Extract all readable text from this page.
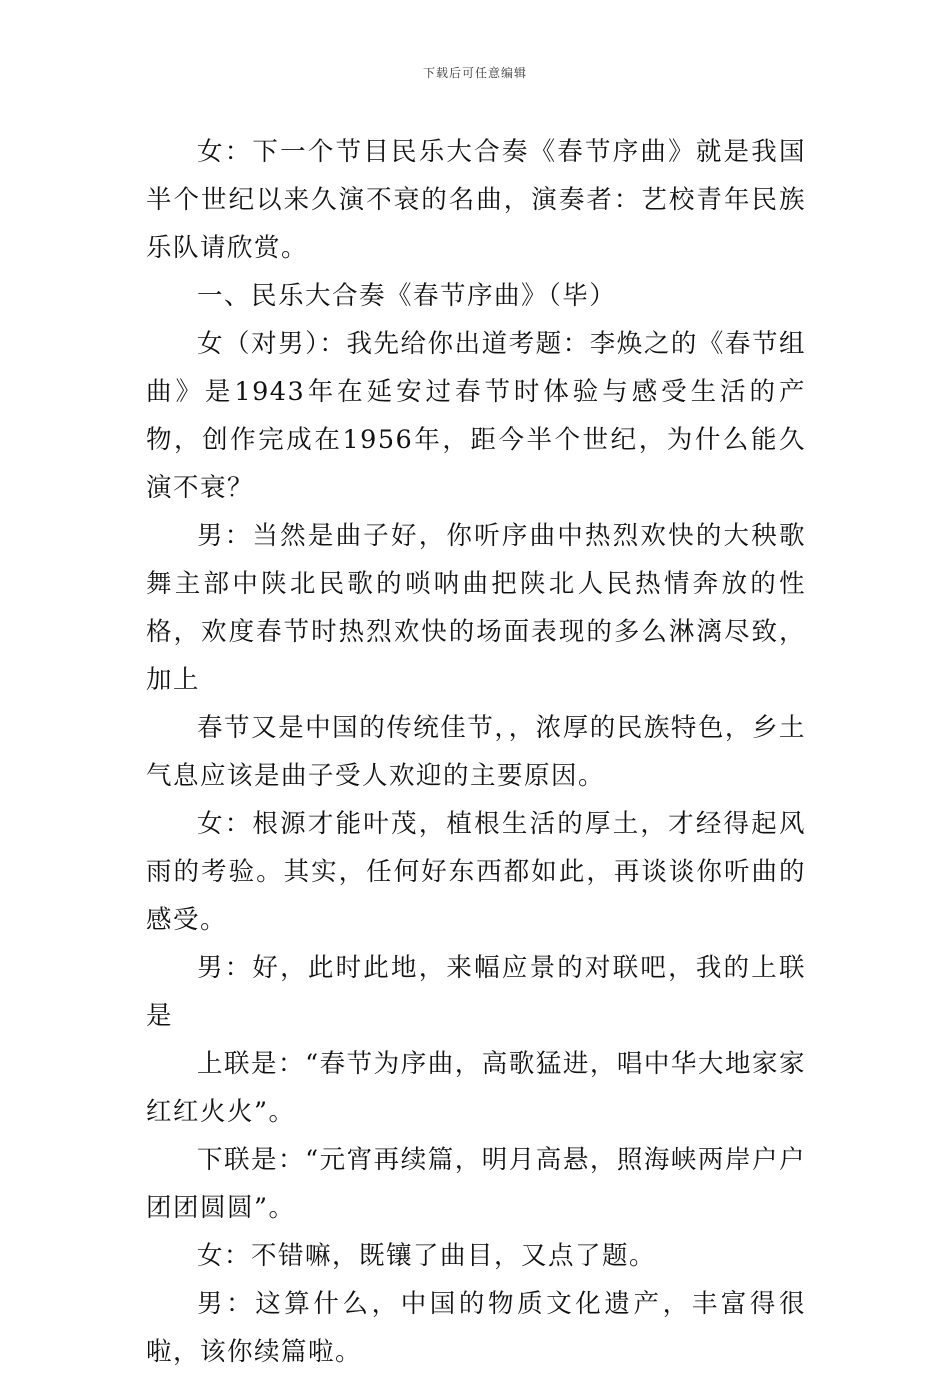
下载后可任意编辑

女：下一个节目民乐大合奏《春节序曲》就是我国半个世纪以来久演不衰的名曲，演奏者：艺校青年民族乐队请欣赏。

一、民乐大合奏《春节序曲》（毕）

女（对男）：我先给你出道考题：李焕之的《春节组曲》是1943年在延安过春节时体验与感受生活的产物，创作完成在1956年，距今半个世纪，为什么能久演不衰？

男：当然是曲子好，你听序曲中热烈欢快的大秧歌舞主部中陕北民歌的唢呐曲把陕北人民热情奔放的性格，欢度春节时热烈欢快的场面表现的多么淋漓尽致，加上

春节又是中国的传统佳节，，浓厚的民族特色，乡土气息应该是曲子受人欢迎的主要原因。

女：根源才能叶茂，植根生活的厚土，才经得起风雨的考验。其实，任何好东西都如此，再谈谈你听曲的感受。

男：好，此时此地，来幅应景的对联吧，我的上联是

上联是：“春节为序曲，高歌猛进，唱中华大地家家红红火火”。

下联是：“元宵再续篇，明月高悬，照海峡两岸户户团团圆圆”。

女：不错嘛，既镶了曲目，又点了题。

男：这算什么，中国的物质文化遗产，丰富得很啦，该你续篇啦。
